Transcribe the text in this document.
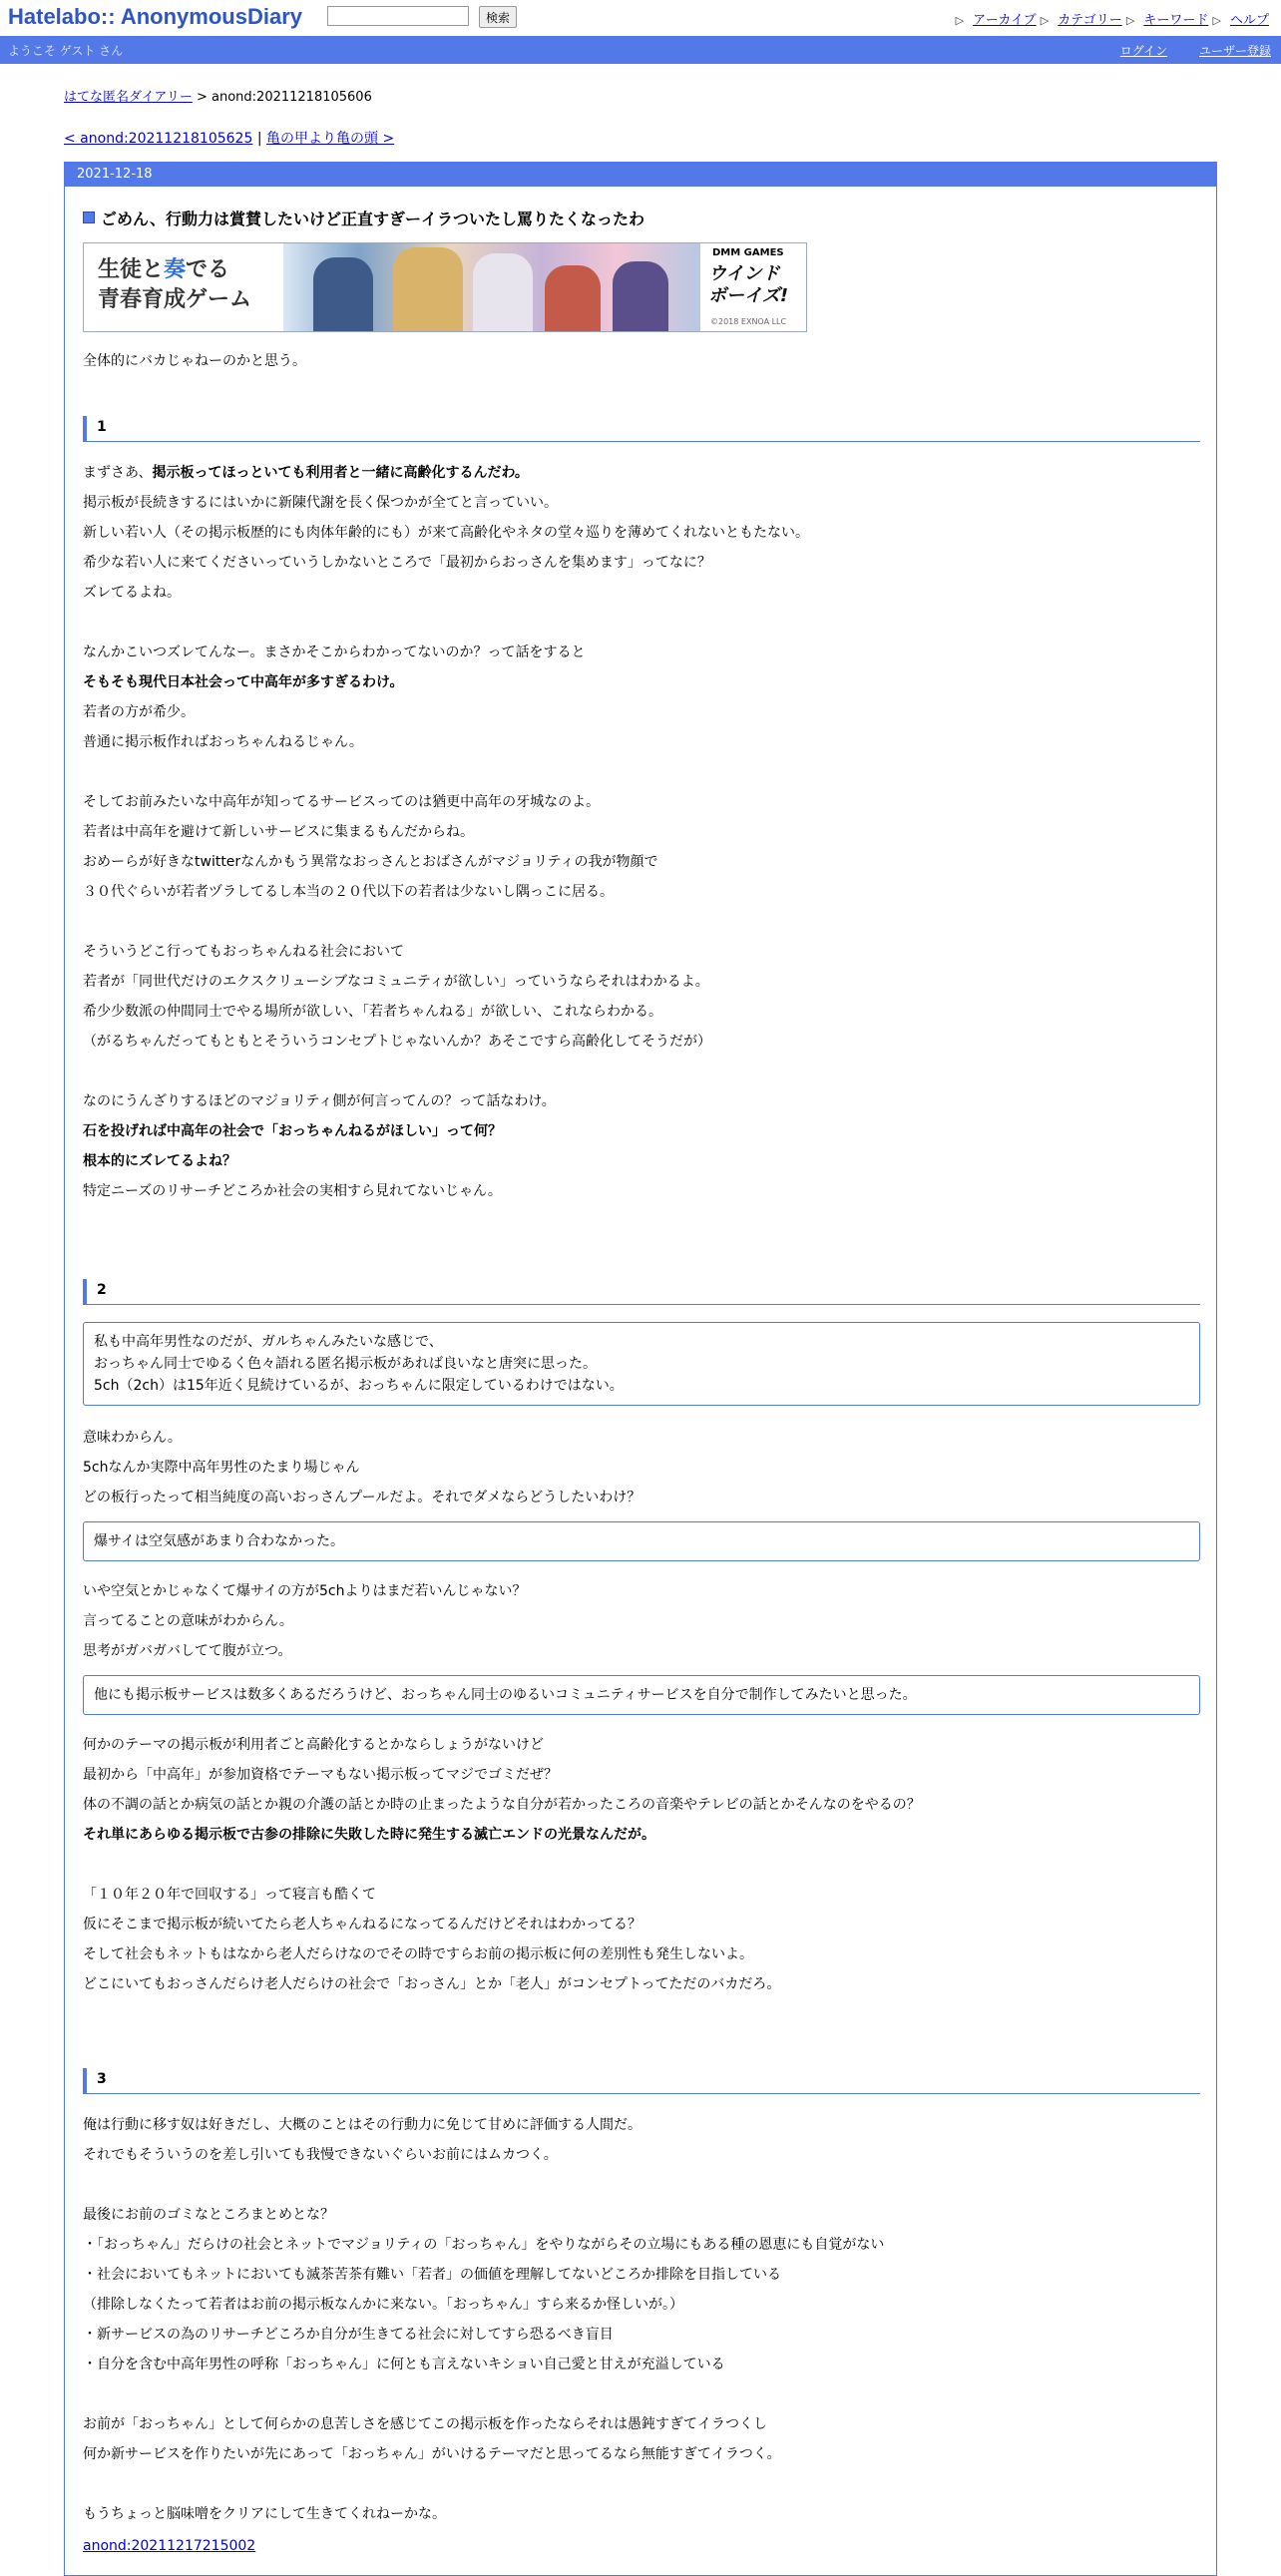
Hatelabo:: AnonymousDiary	検索	▷ アーカイブ ▷ カテゴリー ▷ キーワード ▷ ヘルプ
ようこそ ゲスト さん	ログイン	ユーザー登録
はてな匿名ダイアリー > anond:20211218105606
< anond:20211218105625 | 亀の甲より亀の頭 >
2021-12-18
ごめん、行動力は賞賛したいけど正直すぎーイラついたし罵りたくなったわ
生徒と奏でる
青春育成ゲーム
DMM GAMES
ウインド
ボーイズ!
©2018 EXNOA LLC
全体的にバカじゃねーのかと思う。
1
まずさあ、掲示板ってほっといても利用者と一緒に高齢化するんだわ。
掲示板が長続きするにはいかに新陳代謝を長く保つかが全てと言っていい。
新しい若い人（その掲示板歴的にも肉体年齢的にも）が来て高齢化やネタの堂々巡りを薄めてくれないともたない。
希少な若い人に来てくださいっていうしかないところで「最初からおっさんを集めます」ってなに？
ズレてるよね。

なんかこいつズレてんなー。まさかそこからわかってないのか？って話をすると
そもそも現代日本社会って中高年が多すぎるわけ。
若者の方が希少。
普通に掲示板作ればおっちゃんねるじゃん。

そしてお前みたいな中高年が知ってるサービスってのは猶更中高年の牙城なのよ。
若者は中高年を避けて新しいサービスに集まるもんだからね。
おめーらが好きなtwitterなんかもう異常なおっさんとおばさんがマジョリティの我が物顔で
３０代ぐらいが若者ヅラしてるし本当の２０代以下の若者は少ないし隅っこに居る。

そういうどこ行ってもおっちゃんねる社会において
若者が「同世代だけのエクスクリューシブなコミュニティが欲しい」っていうならそれはわかるよ。
希少少数派の仲間同士でやる場所が欲しい、「若者ちゃんねる」が欲しい、これならわかる。
（がるちゃんだってもともとそういうコンセプトじゃないんか？あそこですら高齢化してそうだが）

なのにうんざりするほどのマジョリティ側が何言ってんの？って話なわけ。
石を投げれば中高年の社会で「おっちゃんねるがほしい」って何？
根本的にズレてるよね？
特定ニーズのリサーチどころか社会の実相すら見れてないじゃん。
2
私も中高年男性なのだが、ガルちゃんみたいな感じで、
おっちゃん同士でゆるく色々語れる匿名掲示板があれば良いなと唐突に思った。
5ch（2ch）は15年近く見続けているが、おっちゃんに限定しているわけではない。
意味わからん。
5chなんか実際中高年男性のたまり場じゃん
どの板行ったって相当純度の高いおっさんプールだよ。それでダメならどうしたいわけ？
爆サイは空気感があまり合わなかった。
いや空気とかじゃなくて爆サイの方が5chよりはまだ若いんじゃない？
言ってることの意味がわからん。
思考がガバガバしてて腹が立つ。
他にも掲示板サービスは数多くあるだろうけど、おっちゃん同士のゆるいコミュニティサービスを自分で制作してみたいと思った。
何かのテーマの掲示板が利用者ごと高齢化するとかならしょうがないけど
最初から「中高年」が参加資格でテーマもない掲示板ってマジでゴミだぜ？
体の不調の話とか病気の話とか親の介護の話とか時の止まったような自分が若かったころの音楽やテレビの話とかそんなのをやるの？
それ単にあらゆる掲示板で古参の排除に失敗した時に発生する滅亡エンドの光景なんだが。

「１０年２０年で回収する」って寝言も酷くて
仮にそこまで掲示板が続いてたら老人ちゃんねるになってるんだけどそれはわかってる？
そして社会もネットもはなから老人だらけなのでその時ですらお前の掲示板に何の差別性も発生しないよ。
どこにいてもおっさんだらけ老人だらけの社会で「おっさん」とか「老人」がコンセプトってただのバカだろ。
3
俺は行動に移す奴は好きだし、大概のことはその行動力に免じて甘めに評価する人間だ。
それでもそういうのを差し引いても我慢できないぐらいお前にはムカつく。

最後にお前のゴミなところまとめとな？
・「おっちゃん」だらけの社会とネットでマジョリティの「おっちゃん」をやりながらその立場にもある種の恩恵にも自覚がない
・社会においてもネットにおいても滅茶苦茶有難い「若者」の価値を理解してないどころか排除を目指している
（排除しなくたって若者はお前の掲示板なんかに来ない。「おっちゃん」すら来るか怪しいが。）
・新サービスの為のリサーチどころか自分が生きてる社会に対してすら恐るべき盲目
・自分を含む中高年男性の呼称「おっちゃん」に何とも言えないキショい自己愛と甘えが充溢している

お前が「おっちゃん」として何らかの息苦しさを感じてこの掲示板を作ったならそれは愚鈍すぎてイラつくし
何か新サービスを作りたいが先にあって「おっちゃん」がいけるテーマだと思ってるなら無能すぎてイラつく。

もうちょっと脳味噌をクリアにして生きてくれねーかな。
anond:20211217215002
